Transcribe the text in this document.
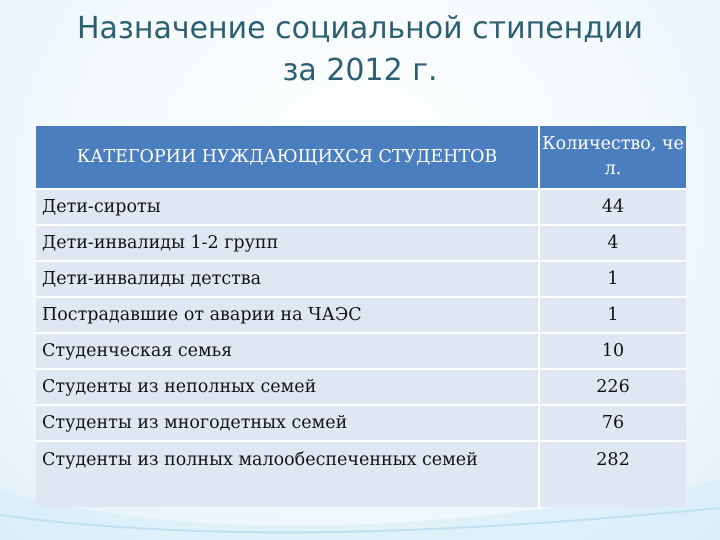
Назначение социальной стипендии
за 2012 г.
КАТЕГОРИИ НУЖДАЮЩИХСЯ СТУДЕНТОВ	Количество, чел.
Дети-сироты	44
Дети-инвалиды 1-2 групп	4
Дети-инвалиды детства	1
Пострадавшие от аварии на ЧАЭС	1
Студенческая семья	10
Студенты из неполных семей	226
Студенты из многодетных семей	76
Студенты из полных малообеспеченных семей	282
